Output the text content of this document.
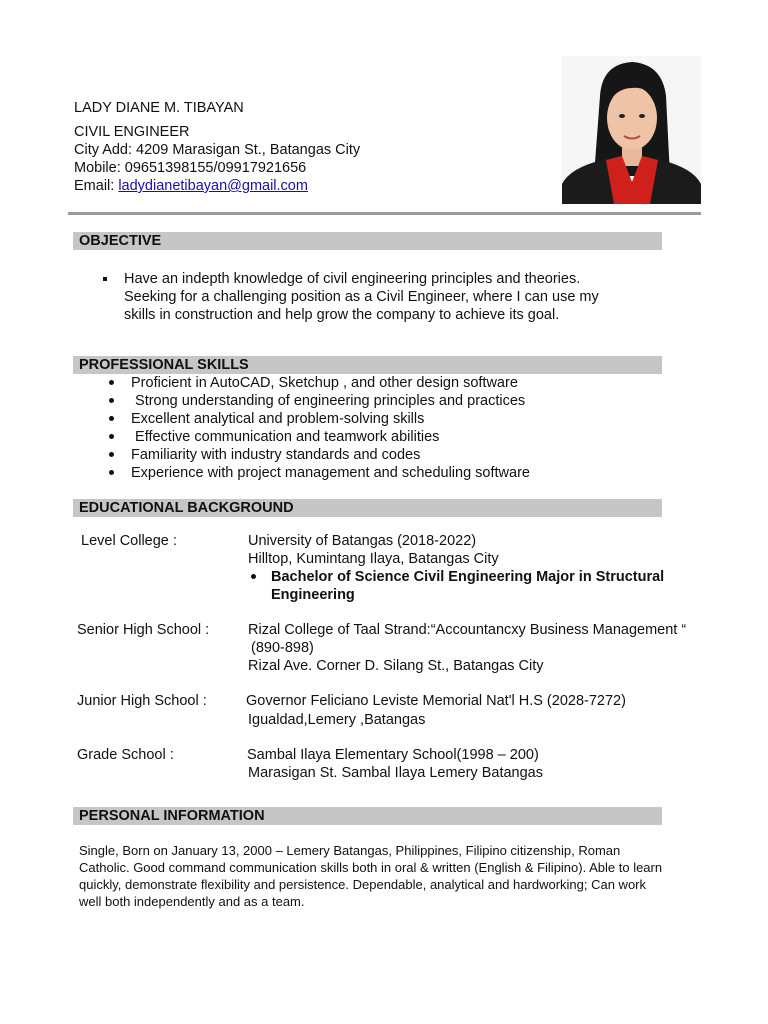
LADY DIANE M. TIBAYAN
CIVIL ENGINEER
City Add: 4209 Marasigan St., Batangas City
Mobile: 09651398155/09917921656
Email: ladydianetibayan@gmail.com
OBJECTIVE
Have an indepth knowledge of civil engineering principles and theories.
Seeking for a challenging position as a Civil Engineer, where I can use my
skills in construction and help grow the company to achieve its goal.
PROFESSIONAL SKILLS
Proficient in AutoCAD, Sketchup , and other design software
Strong understanding of engineering principles and practices
Excellent analytical and problem-solving skills
Effective communication and teamwork abilities
Familiarity with industry standards and codes
Experience with project management and scheduling software
EDUCATIONAL BACKGROUND
Level College :	University of Batangas (2018-2022)
Hilltop, Kumintang Ilaya, Batangas City
Bachelor of Science Civil Engineering Major in Structural
Engineering
Senior High School :	Rizal College of Taal Strand:“Accountancxy Business Management “
(890-898)
Rizal Ave. Corner D. Silang St., Batangas City
Junior High School :	Governor Feliciano Leviste Memorial Nat'l H.S (2028-7272)
Igualdad,Lemery ,Batangas
Grade School :	Sambal Ilaya Elementary School(1998 – 200)
Marasigan St. Sambal Ilaya Lemery Batangas
PERSONAL INFORMATION
Single, Born on January 13, 2000 – Lemery Batangas, Philippines, Filipino citizenship, Roman Catholic. Good command communication skills both in oral & written (English & Filipino). Able to learn quickly, demonstrate flexibility and persistence. Dependable, analytical and hardworking; Can work well both independently and as a team.
